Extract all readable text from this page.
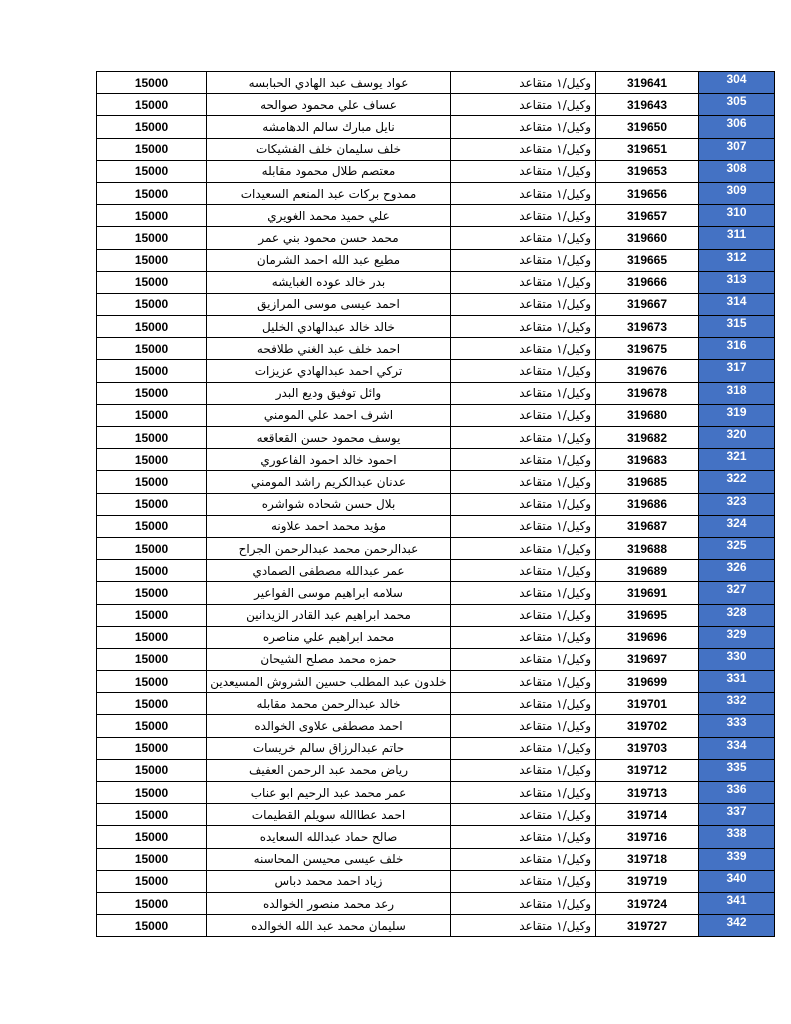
15000	عواد يوسف عبد الهادي الحبابسه	وكيل/١ متقاعد	319641	304
15000	عساف علي محمود صوالحه	وكيل/١ متقاعد	319643	305
15000	نايل مبارك سالم الدهامشه	وكيل/١ متقاعد	319650	306
15000	خلف سليمان خلف الفشيكات	وكيل/١ متقاعد	319651	307
15000	معتصم طلال محمود مقابله	وكيل/١ متقاعد	319653	308
15000	ممدوح بركات عبد المنعم السعيدات	وكيل/١ متقاعد	319656	309
15000	علي حميد محمد الغويري	وكيل/١ متقاعد	319657	310
15000	محمد حسن محمود بني عمر	وكيل/١ متقاعد	319660	311
15000	مطيع عبد الله احمد الشرمان	وكيل/١ متقاعد	319665	312
15000	بدر خالد عوده الغبايشه	وكيل/١ متقاعد	319666	313
15000	احمد عيسى موسى المرازيق	وكيل/١ متقاعد	319667	314
15000	خالد خالد عبدالهادي الخليل	وكيل/١ متقاعد	319673	315
15000	احمد خلف عبد الغني طلافحه	وكيل/١ متقاعد	319675	316
15000	تركي احمد عبدالهادي عزيزات	وكيل/١ متقاعد	319676	317
15000	وائل توفيق وديع البدر	وكيل/١ متقاعد	319678	318
15000	اشرف احمد علي المومني	وكيل/١ متقاعد	319680	319
15000	يوسف محمود حسن القعاقعه	وكيل/١ متقاعد	319682	320
15000	احمود خالد احمود الفاعوري	وكيل/١ متقاعد	319683	321
15000	عدنان عبدالكريم راشد المومني	وكيل/١ متقاعد	319685	322
15000	بلال حسن شحاده شواشره	وكيل/١ متقاعد	319686	323
15000	مؤيد محمد احمد علاونه	وكيل/١ متقاعد	319687	324
15000	عبدالرحمن محمد عبدالرحمن الجراح	وكيل/١ متقاعد	319688	325
15000	عمر عبدالله مصطفى الصمادي	وكيل/١ متقاعد	319689	326
15000	سلامه ابراهيم موسى الفواعير	وكيل/١ متقاعد	319691	327
15000	محمد ابراهيم عبد القادر الزيدانين	وكيل/١ متقاعد	319695	328
15000	محمد ابراهيم علي مناصره	وكيل/١ متقاعد	319696	329
15000	حمزه محمد مصلح الشيحان	وكيل/١ متقاعد	319697	330
15000	خلدون عبد المطلب حسين الشروش المسيعدين	وكيل/١ متقاعد	319699	331
15000	خالد عبدالرحمن محمد مقابله	وكيل/١ متقاعد	319701	332
15000	احمد مصطفى علاوى الخوالده	وكيل/١ متقاعد	319702	333
15000	حاتم عبدالرزاق سالم خريسات	وكيل/١ متقاعد	319703	334
15000	رياض محمد عبد الرحمن العفيف	وكيل/١ متقاعد	319712	335
15000	عمر محمد عبد الرحيم ابو عناب	وكيل/١ متقاعد	319713	336
15000	احمد عطاالله سويلم القطيمات	وكيل/١ متقاعد	319714	337
15000	صالح حماد عبدالله السعايده	وكيل/١ متقاعد	319716	338
15000	خلف عيسى محيسن المحاسنه	وكيل/١ متقاعد	319718	339
15000	زياد احمد محمد دباس	وكيل/١ متقاعد	319719	340
15000	رعد محمد منصور الخوالده	وكيل/١ متقاعد	319724	341
15000	سليمان محمد عبد الله الخوالده	وكيل/١ متقاعد	319727	342
